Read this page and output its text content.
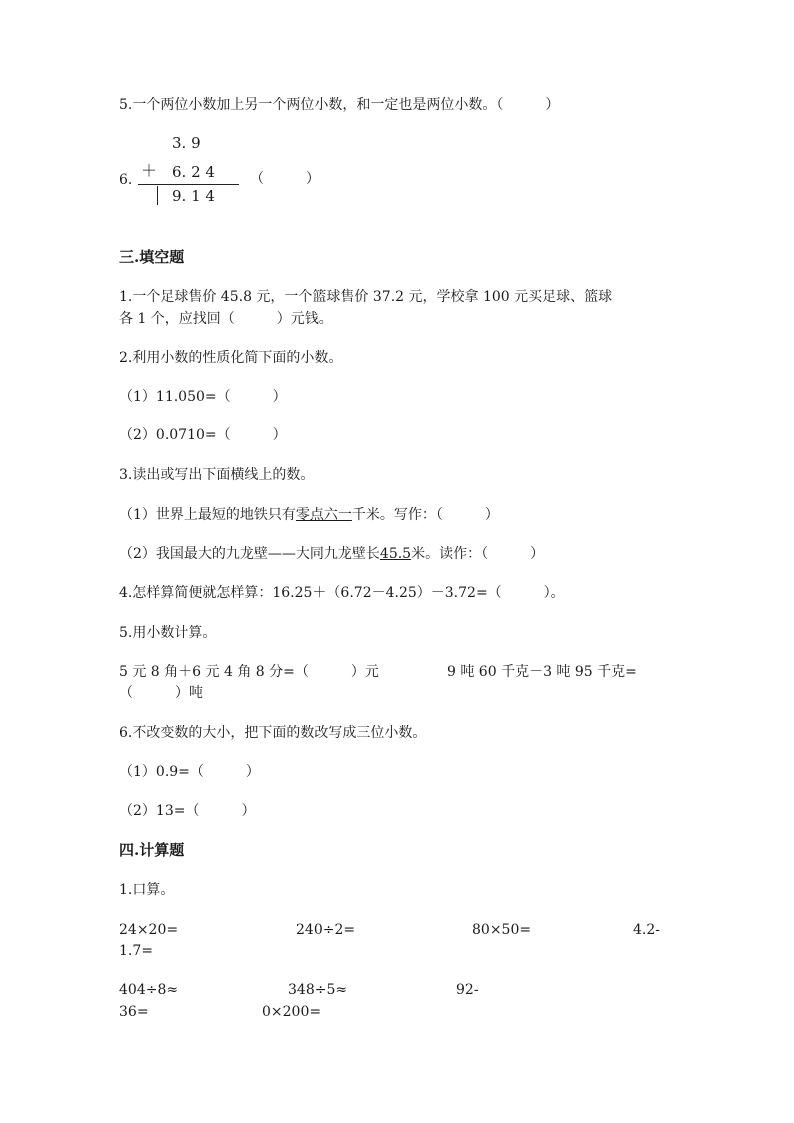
5.一个两位小数加上另一个两位小数，和一定也是两位小数。（　　　）
6.
3. 9
＋ 6. 2 4
9. 1 4
（　　　）
三.填空题
1.一个足球售价 45.8 元，一个篮球售价 37.2 元，学校拿 100 元买足球、篮球
各 1 个，应找回（　　　）元钱。
2.利用小数的性质化简下面的小数。
（1）11.050=（　　　）
（2）0.0710=（　　　）
3.读出或写出下面横线上的数。
（1）世界上最短的地铁只有零点六一千米。写作：（　　　）
（2）我国最大的九龙壁——大同九龙壁长45.5米。读作：（　　　）
4.怎样算简便就怎样算：16.25＋（6.72－4.25）－3.72=（　　　）。
5.用小数计算。
5 元 8 角＋6 元 4 角 8 分=（　　　）元	9 吨 60 千克－3 吨 95 千克=
（　　　）吨
6.不改变数的大小，把下面的数改写成三位小数。
（1）0.9=（　　　）
（2）13=（　　　）
四.计算题
1.口算。
24×20=	240÷2=	80×50=	4.2-
1.7=
404÷8≈	348÷5≈	92-
36=	0×200=
